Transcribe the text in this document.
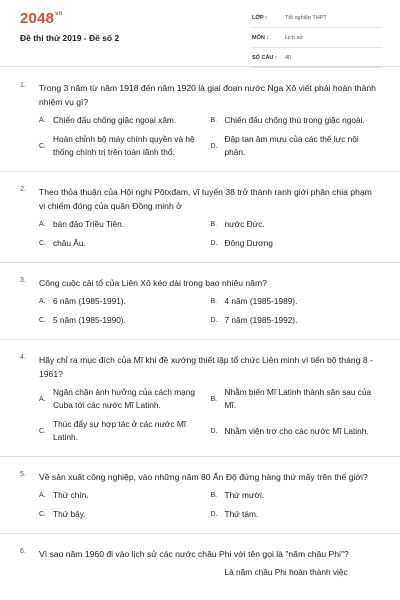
$2048^{vn}$
Đề thi thử 2019 - Đề số 2
LỚP :	Tốt nghiệp THPT
MÔN :	Lịch sử
SỐ CÂU : 40
1. Trong 3 năm từ năm 1918 đến năm 1920 là giai đoạn nước Nga Xô viết phải hoàn thành nhiệm vụ gì?
A. Chiến đấu chống giặc ngoại xâm.	B. Chiến đấu chống thù trong giặc ngoài.
C.
Hoàn chỉnh bộ máy chính quyền và hệ thống chính trị trên toàn lãnh thổ.
D.
Đập tan âm mưu của các thế lực nội phản.
2. Theo thỏa thuận của Hội nghị Pôtxđam, vĩ tuyến 38 trở thành ranh giới phân chia phạm vi chiếm đóng của quân Đồng minh ở
A. bán đảo Triều Tiên.	B. nước Đức.
C. châu Âu.	D. Đông Dương
3. Công cuộc cải tổ của Liên Xô kéo dài trong bao nhiêu năm?
A. 6 năm (1985-1991).	B. 4 năm (1985-1989).
C. 5 năm (1985-1990).	D. 7 năm (1985-1992).
4. Hãy chỉ ra mục đích của Mĩ khi đề xướng thiết lập tổ chức Liên minh vì tiến bộ tháng 8 - 1961?
A.
Ngăn chặn ảnh hưởng của cách mạng Cuba tới các nước Mĩ Latinh.
B.
Nhằm biến Mĩ Latinh thành sân sau của Mĩ.
C.
Thúc đẩy sự hợp tác ở các nước Mĩ Latinh.
D. Nhằm viện trợ cho các nước Mĩ Latinh.
5. Về sản xuất công nghiệp, vào những năm 80 Ấn Độ đứng hàng thứ mấy trên thế giới?
A. Thứ chín.	B. Thứ mười.
C. Thứ bảy.	D. Thứ tám.
6. Vì sao năm 1960 đi vào lịch sử các nước châu Phi với tên gọi là "năm châu Phi"?
Là năm châu Phi hoàn thành việc
